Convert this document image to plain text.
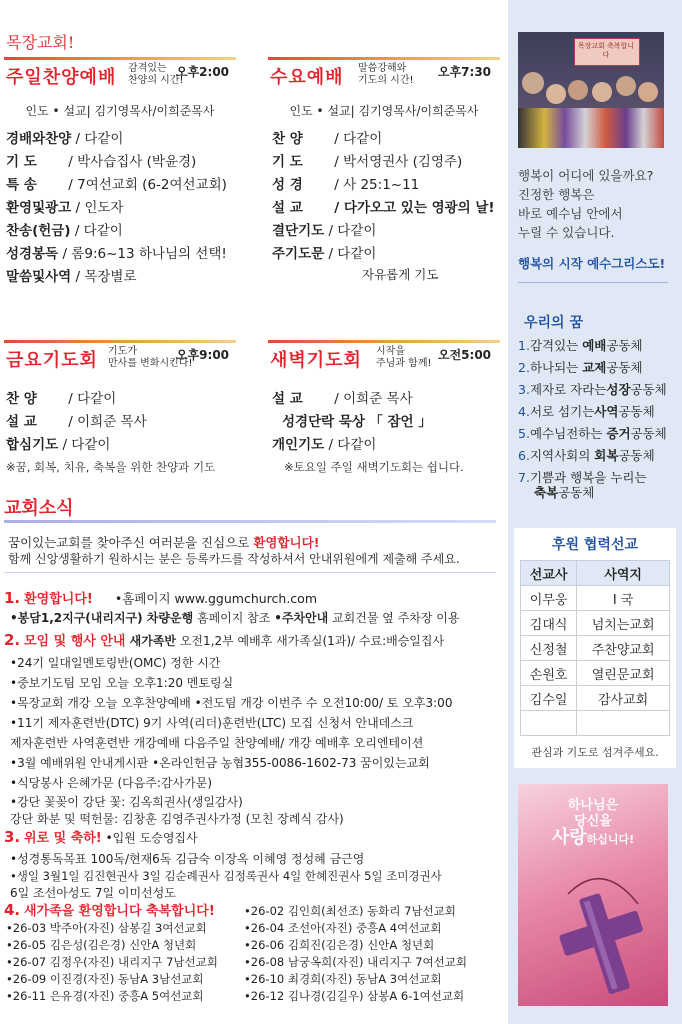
목장교회!
주일찬양예배 감격있는
찬양의 시간!
오후2:00
인도 • 설교| 김기영목사/이희준목사
경배와찬양 / 다같이
기 도 / 박사습집사 (박윤경)
특 송 / 7여선교회 (6-2여선교회)
환영및광고 / 인도자
찬송(헌금) / 다같이
성경봉독 / 롬9:6~13 하나님의 선택!
말씀및사역 / 목장별로
수요예배 말씀강해와
기도의 시간!
오후7:30
인도 • 설교| 김기영목사/이희준목사
찬 양 / 다같이
기 도 / 박서영권사 (김영주)
성 경 / 사 25:1~11
설 교 / 다가오고 있는 영광의 날!
결단기도 / 다같이
주기도문 / 다같이
자유롭게 기도
금요기도회 기도가
만사를 변화시킨다!
오후9:00
찬 양 / 다같이
설 교 / 이희준 목사
합심기도 / 다같이
※꿈, 회복, 치유, 축복을 위한 찬양과 기도
새벽기도회 시작을
주님과 함께!
오전5:00
설 교 / 이희준 목사
성경단락 묵상 「 잠언 」
개인기도 / 다같이
※토요일 주일 새벽기도회는 쉽니다.
교회소식
꿈이있는교회를 찾아주신 여러분을 진심으로 환영합니다!
함께 신앙생활하기 원하시는 분은 등록카드를 작성하셔서 안내위원에게 제출해 주세요.
1. 환영합니다! •홈페이지 www.ggumchurch.com
•봉담1,2지구(내리지구) 차량운행 홈페이지 참조 •주차안내 교회건물 옆 주차장 이용
2. 모임 및 행사 안내 새가족반 오전1,2부 예배후 새가족실(1과)/ 수료:배승일집사
•24기 일대일멘토링반(OMC) 정한 시간
•중보기도팀 모임 오늘 오후1:20 멘토링실
•목장교회 개강 오늘 오후찬양예배 •전도팀 개강 이번주 수 오전10:00/ 토 오후3:00
•11기 제자훈련반(DTC) 9기 사역(리더)훈련반(LTC) 모집 신청서 안내데스크
제자훈련반 사역훈련반 개강예배 다음주일 찬양예배/ 개강 예배후 오리엔테이션
•3월 예배위원 안내게시판 •온라인헌금 농협355-0086-1602-73 꿈이있는교회
•식당봉사 은혜가문 (다음주:감사가문)
•강단 꽃꽂이 강단 꽃: 김옥희권사(생일감사)
강단 화분 및 떡헌물: 김창훈 김영주권사가정 (모친 장례식 감사)
3. 위로 및 축하! •입원 도승영집사
•성경통독목표 100독/현재6독 김금숙 이장옥 이혜영 정성혜 금근영
•생일 3월1일 김진현권사 3일 김순례권사 김정록권사 4일 한혜진권사 5일 조미경권사
6일 조선아성도 7일 이미선성도
4. 새가족을 환영합니다 축복합니다!
•26-03 박주아(자진) 삼봉길 3여선교회
•26-05 김은성(김은경) 신안A 청년회
•26-07 김정우(자진) 내리지구 7남선교회
•26-09 이진경(자진) 동남A 3남선교회
•26-11 은유경(자진) 중흥A 5여선교회
•26-02 김인희(최선조) 동화리 7남선교회
•26-04 조선아(자진) 중흥A 4여선교회
•26-06 김희진(김은경) 신안A 청년회
•26-08 남궁옥희(자진) 내리지구 7여선교회
•26-10 최경희(자진) 동남A 3여선교회
•26-12 김나경(김길우) 삼봉A 6-1여선교회
목장교회 축복합니다
행복이 어디에 있을까요?
진정한 행복은
바로 예수님 안에서
누릴 수 있습니다.
행복의 시작 예수그리스도!
우리의 꿈
1.감격있는 예배공동체
2.하나되는 교제공동체
3.제자로 자라는성장공동체
4.서로 섬기는사역공동체
5.예수님전하는 증거공동체
6.지역사회의 회복공동체
7.기쁨과 행복을 누리는
축복공동체
후원 협력선교
선교사	사역지
이무웅	I 국
김대식	넘치는교회
신정철	주찬양교회
손원호	열린문교회
김수일	감사교회

관심과 기도로 섬겨주세요.
하나님은
당신을
사랑하십니다!
